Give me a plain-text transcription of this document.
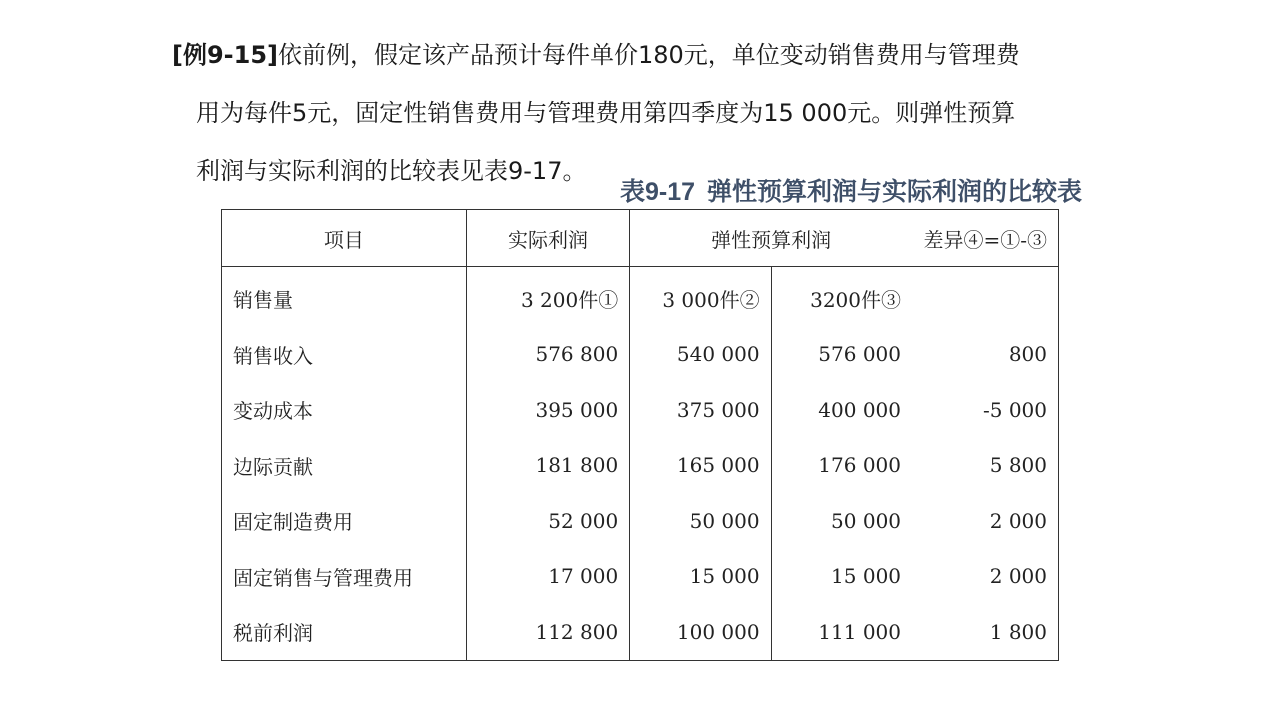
[例9-15]依前例，假定该产品预计每件单价180元，单位变动销售费用与管理费
用为每件5元，固定性销售费用与管理费用第四季度为15 000元。则弹性预算
利润与实际利润的比较表见表9-17。
表9-17 弹性预算利润与实际利润的比较表
项目	实际利润	弹性预算利润		差异④=①-③
销售量	3 200件①	3 000件②	3200件③	
销售收入	576 800	540 000	576 000	800
变动成本	395 000	375 000	400 000	-5 000
边际贡献	181 800	165 000	176 000	5 800
固定制造费用	52 000	50 000	50 000	2 000
固定销售与管理费用	17 000	15 000	15 000	2 000
税前利润	112 800	100 000	111 000	1 800
